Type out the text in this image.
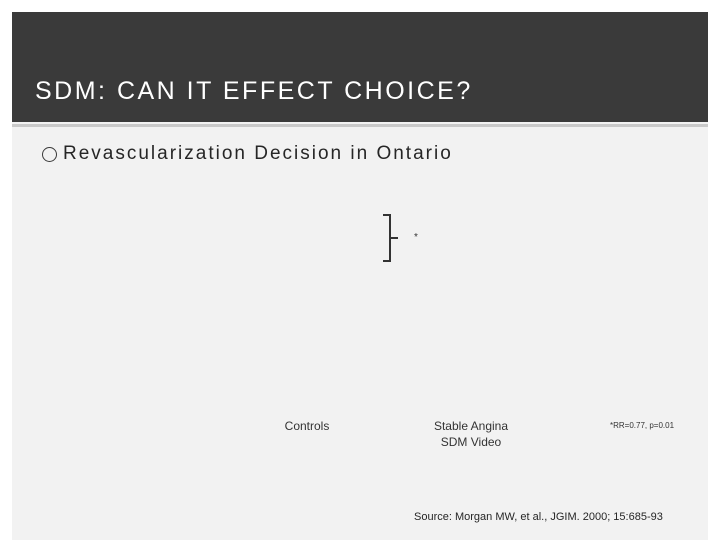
SDM: CAN IT EFFECT CHOICE?
Revascularization Decision in Ontario
*
Controls	Stable Angina
SDM Video
*RR=0.77, p=0.01
Source: Morgan MW, et al., JGIM. 2000; 15:685-93
